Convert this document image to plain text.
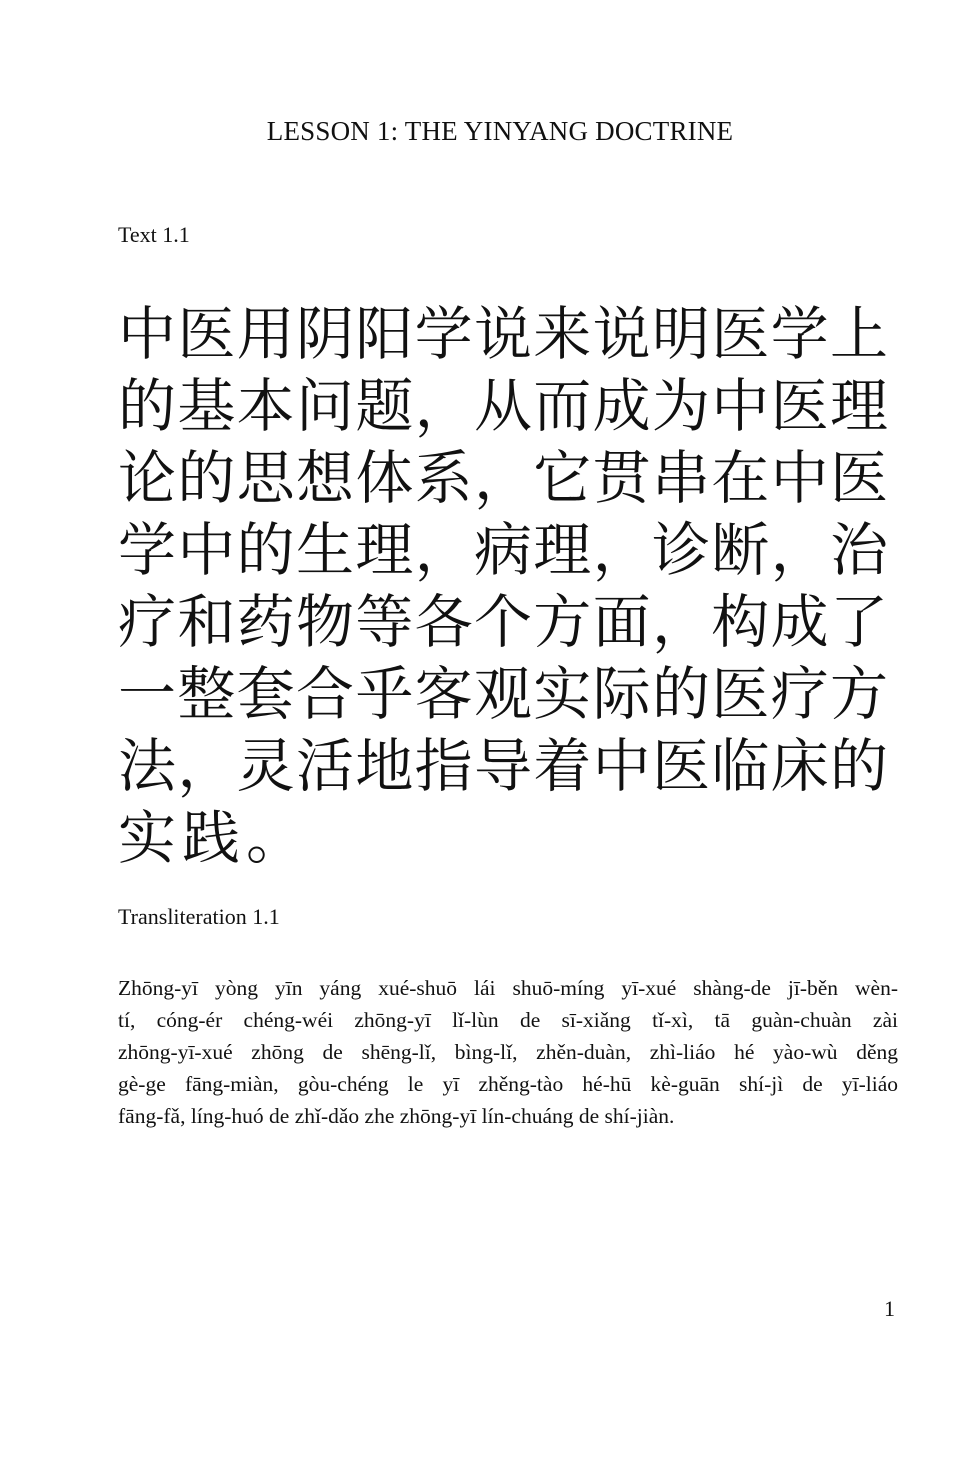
LESSON 1: THE YINYANG DOCTRINE
Text 1.1
中 医 用 阴 阳 学 说 来 说 明 医 学 上
的 基 本 问 题 ， 从 而 成 为 中 医 理
论 的 思 想 体 系 ， 它 贯 串 在 中 医
学 中 的 生 理 ， 病 理 ， 诊 断 ， 治
疗 和 药 物 等 各 个 方 面 ， 构 成 了
一 整 套 合 乎 客 观 实 际 的 医 疗 方
法 ， 灵 活 地 指 导 着 中 医 临 床 的
实 践 。
Transliteration 1.1
Zhōng-yī yòng yīn yáng xué-shuō lái shuō-míng yī-xué shàng-de jī-běn wèn-
tí, cóng-ér chéng-wéi zhōng-yī lǐ-lùn de sī-xiǎng tǐ-xì, tā guàn-chuàn zài
zhōng-yī-xué zhōng de shēng-lǐ, bìng-lǐ, zhěn-duàn, zhì-liáo hé yào-wù děng
gè-ge fāng-miàn, gòu-chéng le yī zhěng-tào hé-hū kè-guān shí-jì de yī-liáo
fāng-fǎ, líng-huó de zhǐ-dǎo zhe zhōng-yī lín-chuáng de shí-jiàn.
1
